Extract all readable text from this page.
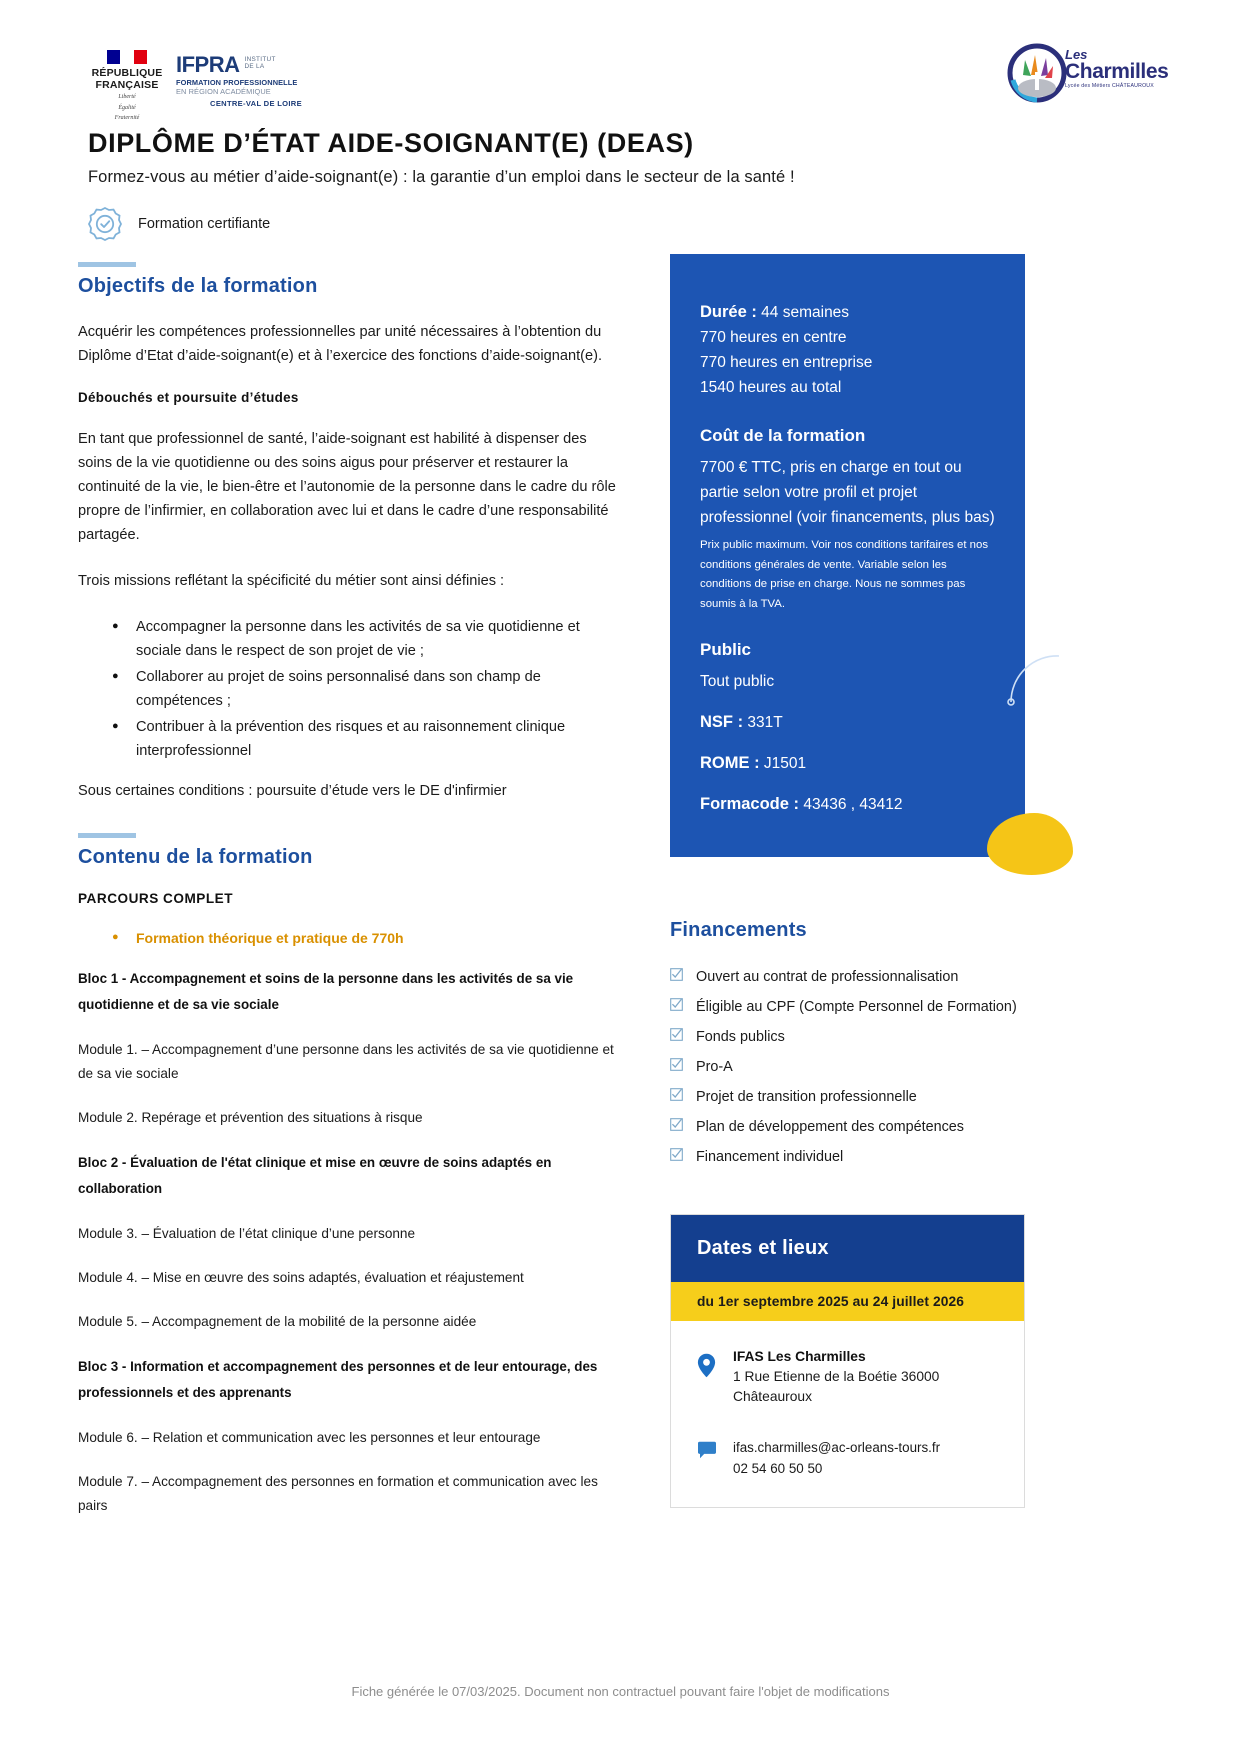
RÉPUBLIQUE
FRANÇAISE
Liberté
Égalité
Fraternité
IFPRA INSTITUT
DE LA
FORMATION PROFESSIONNELLE
EN RÉGION ACADÉMIQUE
CENTRE-VAL DE LOIRE
Les
Charmilles
Lycée des Métiers CHÂTEAUROUX
DIPLÔME D’ÉTAT AIDE-SOIGNANT(E) (DEAS)
Formez-vous au métier d’aide-soignant(e) : la garantie d’un emploi dans le secteur de la santé !
Formation certifiante
Objectifs de la formation

Acquérir les compétences professionnelles par unité nécessaires à l’obtention du Diplôme d’Etat d’aide-soignant(e) et à l’exercice des fonctions d’aide-soignant(e).

Débouchés et poursuite d’études

En tant que professionnel de santé, l’aide-soignant est habilité à dispenser des soins de la vie quotidienne ou des soins aigus pour préserver et restaurer la continuité de la vie, le bien-être et l’autonomie de la personne dans le cadre du rôle propre de l’infirmier, en collaboration avec lui et dans le cadre d’une responsabilité partagée.

Trois missions reflétant la spécificité du métier sont ainsi définies :

● Accompagner la personne dans les activités de sa vie quotidienne et sociale dans le respect de son projet de vie ;
● Collaborer au projet de soins personnalisé dans son champ de compétences ;
● Contribuer à la prévention des risques et au raisonnement clinique interprofessionnel

Sous certaines conditions : poursuite d’étude vers le DE d'infirmier

Contenu de la formation
PARCOURS COMPLET
● Formation théorique et pratique de 770h
Bloc 1 - Accompagnement et soins de la personne dans les activités de sa vie quotidienne et de sa vie sociale
Module 1. – Accompagnement d’une personne dans les activités de sa vie quotidienne et de sa vie sociale
Module 2. Repérage et prévention des situations à risque
Bloc 2 - Évaluation de l'état clinique et mise en œuvre de soins adaptés en collaboration
Module 3. – Évaluation de l’état clinique d’une personne
Module 4. – Mise en œuvre des soins adaptés, évaluation et réajustement
Module 5. – Accompagnement de la mobilité de la personne aidée
Bloc 3 - Information et accompagnement des personnes et de leur entourage, des professionnels et des apprenants
Module 6. – Relation et communication avec les personnes et leur entourage
Module 7. – Accompagnement des personnes en formation et communication avec les pairs
Durée : 44 semaines
770 heures en centre
770 heures en entreprise
1540 heures au total
Coût de la formation
7700 € TTC, pris en charge en tout ou partie selon votre profil et projet professionnel (voir financements, plus bas)
Prix public maximum. Voir nos conditions tarifaires et nos conditions générales de vente. Variable selon les conditions de prise en charge. Nous ne sommes pas soumis à la TVA.
Public
Tout public
NSF : 331T
ROME : J1501
Formacode : 43436 , 43412
Financements
Ouvert au contrat de professionnalisation
Éligible au CPF (Compte Personnel de Formation)
Fonds publics
Pro-A
Projet de transition professionnelle
Plan de développement des compétences
Financement individuel
Dates et lieux
du 1er septembre 2025 au 24 juillet 2026
IFAS Les Charmilles
1 Rue Etienne de la Boétie 36000
Châteauroux
ifas.charmilles@ac-orleans-tours.fr
02 54 60 50 50
Fiche générée le 07/03/2025. Document non contractuel pouvant faire l'objet de modifications
